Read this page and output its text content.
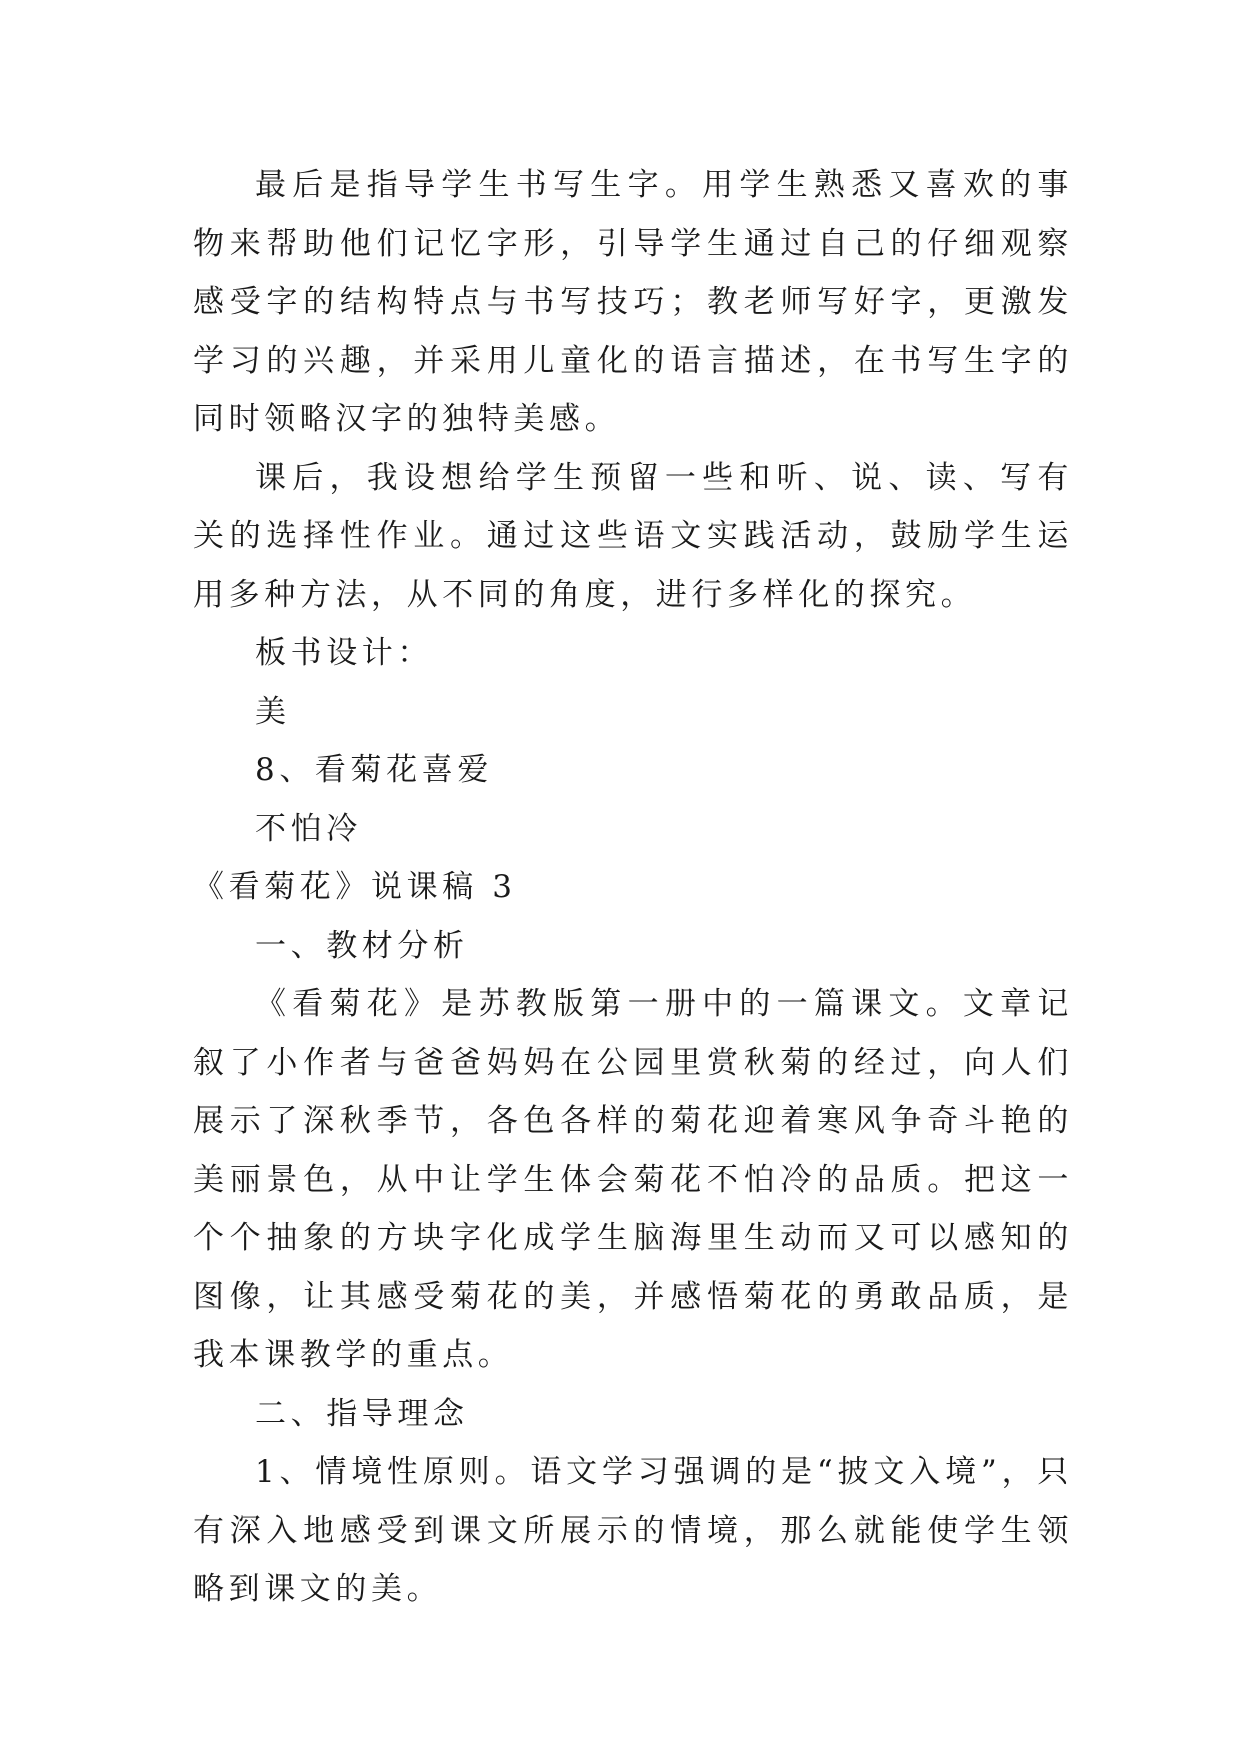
最后是指导学生书写生字。用学生熟悉又喜欢的事物来帮助他们记忆字形，引导学生通过自己的仔细观察感受字的结构特点与书写技巧；教老师写好字，更激发学习的兴趣，并采用儿童化的语言描述，在书写生字的同时领略汉字的独特美感。

课后，我设想给学生预留一些和听、说、读、写有关的选择性作业。通过这些语文实践活动，鼓励学生运用多种方法，从不同的角度，进行多样化的探究。

板书设计：

美

8、看菊花喜爱

不怕冷

《看菊花》说课稿 3

一、教材分析

《看菊花》是苏教版第一册中的一篇课文。文章记叙了小作者与爸爸妈妈在公园里赏秋菊的经过，向人们展示了深秋季节，各色各样的菊花迎着寒风争奇斗艳的美丽景色，从中让学生体会菊花不怕冷的品质。把这一个个抽象的方块字化成学生脑海里生动而又可以感知的图像，让其感受菊花的美，并感悟菊花的勇敢品质，是我本课教学的重点。

二、指导理念

1、情境性原则。语文学习强调的是“披文入境”，只有深入地感受到课文所展示的情境，那么就能使学生领略到课文的美。
